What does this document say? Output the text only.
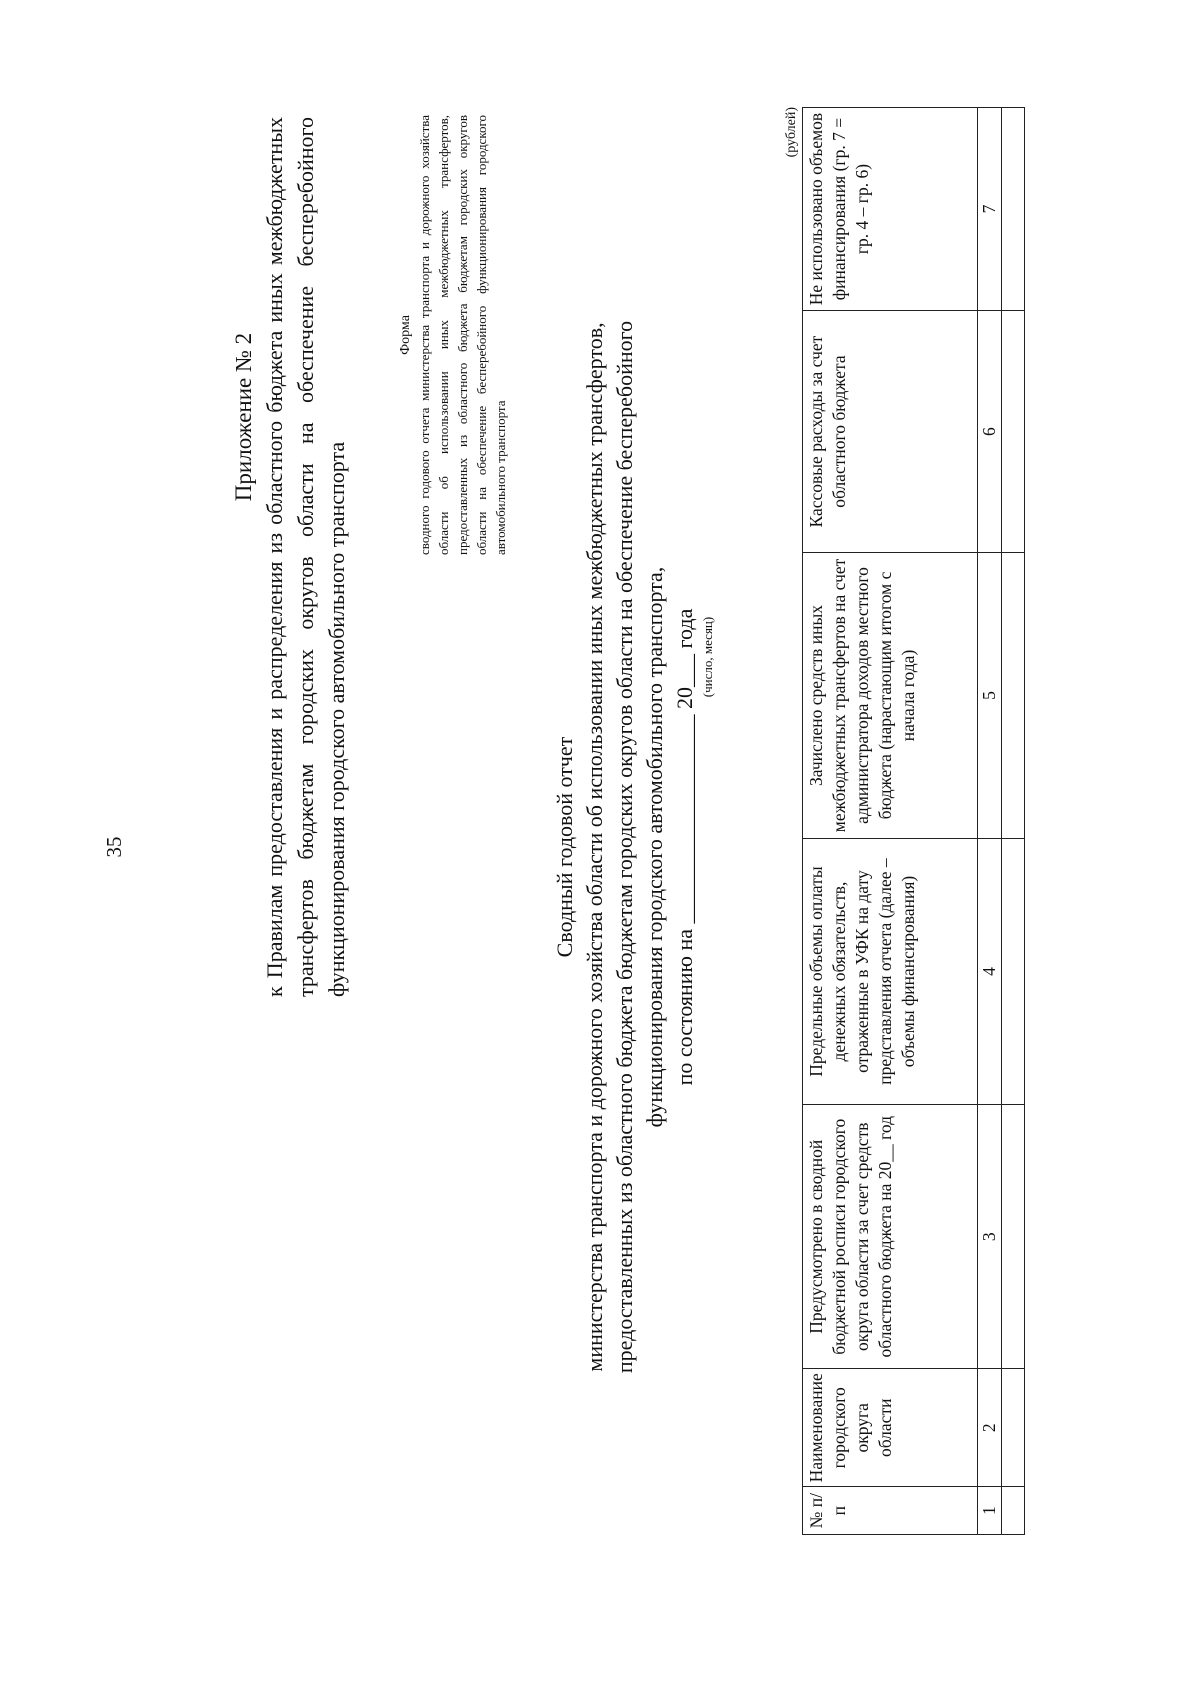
35
Приложение № 2 к Правилам предоставления и распределения из областного бюджета иных межбюджетных трансфертов бюджетам городских округов области на обеспечение бесперебойного функционирования городского автомобильного транспорта
Форма сводного годового отчета министерства транспорта и дорожного хозяйства области об использовании иных межбюджетных трансфертов, предоставленных из областного бюджета бюджетам городских округов области на обеспечение бесперебойного функционирования городского автомобильного транспорта
Сводный годовой отчет министерства транспорта и дорожного хозяйства области об использовании иных межбюджетных трансфертов, предоставленных из областного бюджета бюджетам городских округов области на обеспечение бесперебойного функционирования городского автомобильного транспорта, по состоянию на ___________________ 20___ года (число, месяц)
(рублей)
№ п/п	Наименование городского округа области	Предусмотрено в сводной бюджетной росписи городского округа области за счет средств областного бюджета на 20__ год	Предельные объемы оплаты денежных обязательств, отраженные в УФК на дату представления отчета (далее – объемы финансирования)	Зачислено средств иных межбюджетных трансфертов на счет администратора доходов местного бюджета (нарастающим итогом с начала года)	Кассовые расходы за счет областного бюджета	Не использовано объемов финансирования (гр. 7 = гр. 4 – гр. 6)
1	2	3	4	5	6	7
